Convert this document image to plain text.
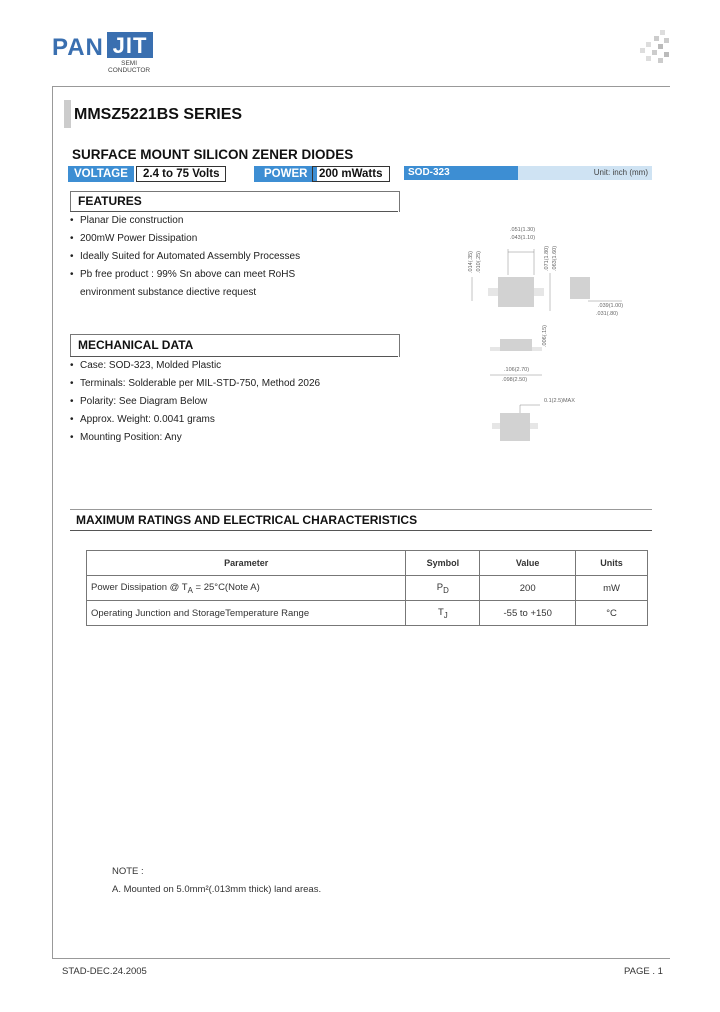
PAN JIT
SEMI
CONDUCTOR
MMSZ5221BS SERIES
SURFACE MOUNT SILICON ZENER DIODES
VOLTAGE	2.4 to 75 Volts	POWER	200 mWatts	SOD-323	Unit: inch (mm)
FEATURES
• Planar Die construction
• 200mW Power Dissipation
• Ideally Suited for Automated Assembly Processes
• Pb free product : 99% Sn above can meet RoHS
environment substance diective request
MECHANICAL DATA
• Case: SOD-323, Molded Plastic
• Terminals: Solderable per MIL-STD-750, Method 2026
• Polarity: See Diagram Below
• Approx. Weight: 0.0041 grams
• Mounting Position: Any
.051(1.30)
.043(1.10)
.014(.35) .010(.25)	.071(1.80) .063(1.60)
.039(1.00)
.031(.80)
.006(.15)
.106(2.70)
.098(2.50)
0.1(2.5)MAX
MAXIMUM RATINGS AND ELECTRICAL CHARACTERISTICS
Parameter	Symbol	Value	Units
Power Dissipation @ $T_A$ = 25°C(Note A)	$P_D$	200	mW
Operating Junction and StorageTemperature Range	$T_J$	-55 to +150	°C
NOTE :
A. Mounted on 5.0mm²(.013mm thick) land areas.
STAD-DEC.24.2005	PAGE . 1
